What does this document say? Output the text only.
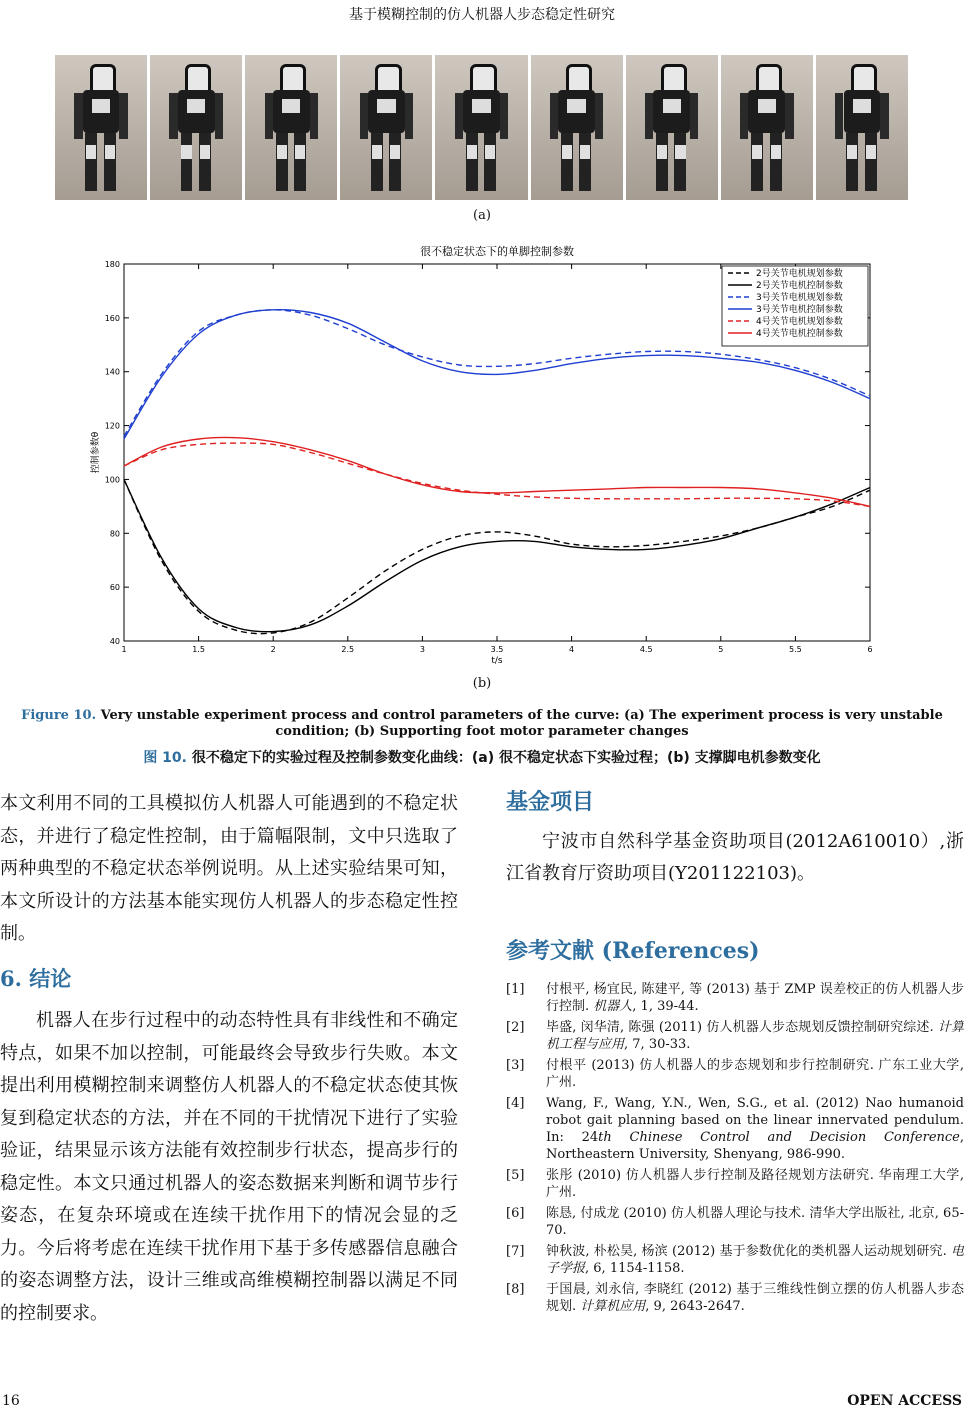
基于模糊控制的仿人机器人步态稳定性研究
(a)
很不稳定状态下的单脚控制参数
1	1.5	2	2.5	3	3.5	4	4.5	5	5.5	6
40
60
80
100
120
140
160
180
t/s
控制参数θ
2号关节电机规划参数
2号关节电机控制参数
3号关节电机规划参数
3号关节电机控制参数
4号关节电机规划参数
4号关节电机控制参数
(b)
Figure 10. Very unstable experiment process and control parameters of the curve: (a) The experiment process is very unstable condition; (b) Supporting foot motor parameter changes
图 10. 很不稳定下的实验过程及控制参数变化曲线：(a) 很不稳定状态下实验过程；(b) 支撑脚电机参数变化

本文利用不同的工具模拟仿人机器人可能遇到的不稳定状态，并进行了稳定性控制，由于篇幅限制，文中只选取了两种典型的不稳定状态举例说明。从上述实验结果可知，本文所设计的方法基本能实现仿人机器人的步态稳定性控制。

6. 结论

机器人在步行过程中的动态特性具有非线性和不确定特点，如果不加以控制，可能最终会导致步行失败。本文提出利用模糊控制来调整仿人机器人的不稳定状态使其恢复到稳定状态的方法，并在不同的干扰情况下进行了实验验证，结果显示该方法能有效控制步行状态，提高步行的稳定性。本文只通过机器人的姿态数据来判断和调节步行姿态，在复杂环境或在连续干扰作用下的情况会显的乏力。今后将考虑在连续干扰作用下基于多传感器信息融合的姿态调整方法，设计三维或高维模糊控制器以满足不同的控制要求。

基金项目

宁波市自然科学基金资助项目(2012A610010）,浙江省教育厅资助项目(Y201122103)。

参考文献 (References)
[1]	付根平, 杨宜民, 陈建平, 等 (2013) 基于 ZMP 误差校正的仿人机器人步行控制. 机器人, 1, 39-44.
[2]	毕盛, 闵华清, 陈强 (2011) 仿人机器人步态规划反馈控制研究综述. 计算机工程与应用, 7, 30-33.
[3]	付根平 (2013) 仿人机器人的步态规划和步行控制研究. 广东工业大学, 广州.
[4]	Wang, F., Wang, Y.N., Wen, S.G., et al. (2012) Nao humanoid robot gait planning based on the linear innervated pendulum. In: 24th Chinese Control and Decision Conference, Northeastern University, Shenyang, 986-990.
[5]	张彤 (2010) 仿人机器人步行控制及路径规划方法研究. 华南理工大学, 广州.
[6]	陈恳, 付成龙 (2010) 仿人机器人理论与技术. 清华大学出版社, 北京, 65-70.
[7]	钟秋波, 朴松昊, 杨滨 (2012) 基于参数优化的类机器人运动规划研究. 电子学报, 6, 1154-1158.
[8]	于国晨, 刘永信, 李晓红 (2012) 基于三维线性倒立摆的仿人机器人步态规划. 计算机应用, 9, 2643-2647.
16	OPEN ACCESS
